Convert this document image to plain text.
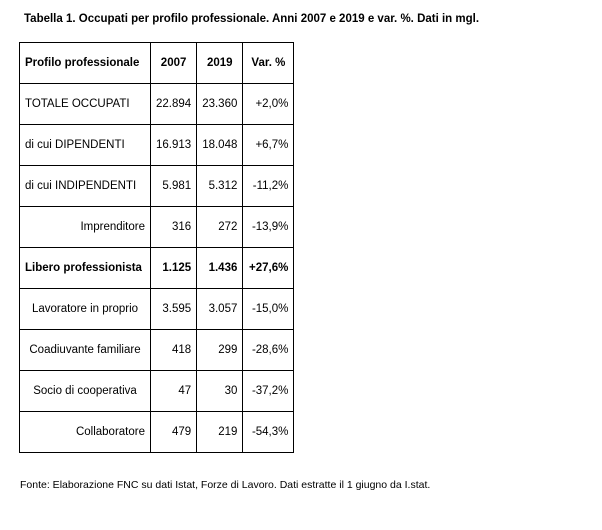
Tabella 1. Occupati per profilo professionale. Anni 2007 e 2019 e var. %. Dati in mgl.
Profilo professionale	2007	2019	Var. %
TOTALE OCCUPATI	22.894	23.360	+2,0%
di cui DIPENDENTI	16.913	18.048	+6,7%
di cui INDIPENDENTI	5.981	5.312	-11,2%
Imprenditore	316	272	-13,9%
Libero professionista	1.125	1.436	+27,6%
Lavoratore in proprio	3.595	3.057	-15,0%
Coadiuvante familiare	418	299	-28,6%
Socio di cooperativa	47	30	-37,2%
Collaboratore	479	219	-54,3%
Fonte: Elaborazione FNC su dati Istat, Forze di Lavoro. Dati estratte il 1 giugno da I.stat.
